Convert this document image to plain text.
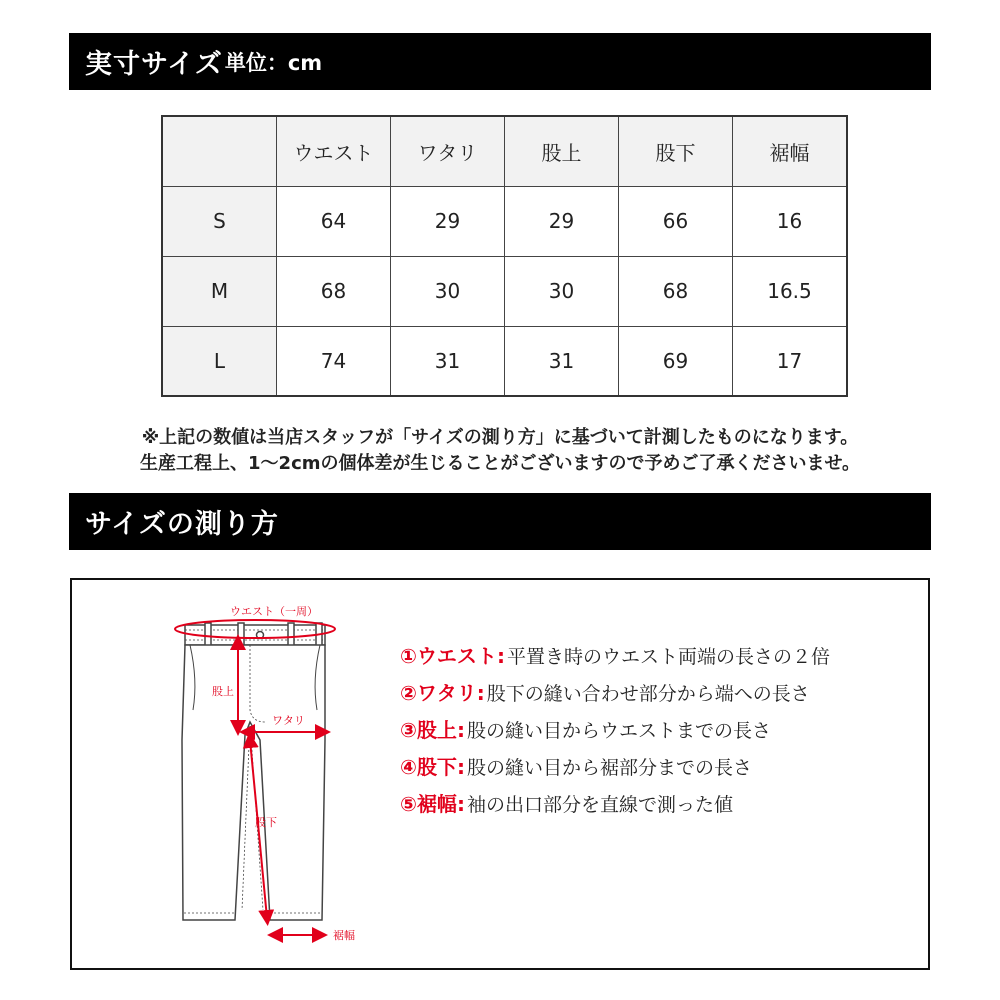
実寸サイズ 単位：cm
	ウエスト	ワタリ	股上	股下	裾幅
S	64	29	29	66	16
M	68	30	30	68	16.5
L	74	31	31	69	17
※上記の数値は当店スタッフが「サイズの測り方」に基づいて計測したものになります。
生産工程上、1〜2cmの個体差が生じることがございますので予めご了承くださいませ。
サイズの測り方
ウエスト（一周）
股上
ワタリ
股下
裾幅
① ウエスト : 平置き時のウエスト両端の長さの２倍
② ワタリ : 股下の縫い合わせ部分から端への長さ
③ 股上 : 股の縫い目からウエストまでの長さ
④ 股下 : 股の縫い目から裾部分までの長さ
⑤ 裾幅 : 袖の出口部分を直線で測った値
